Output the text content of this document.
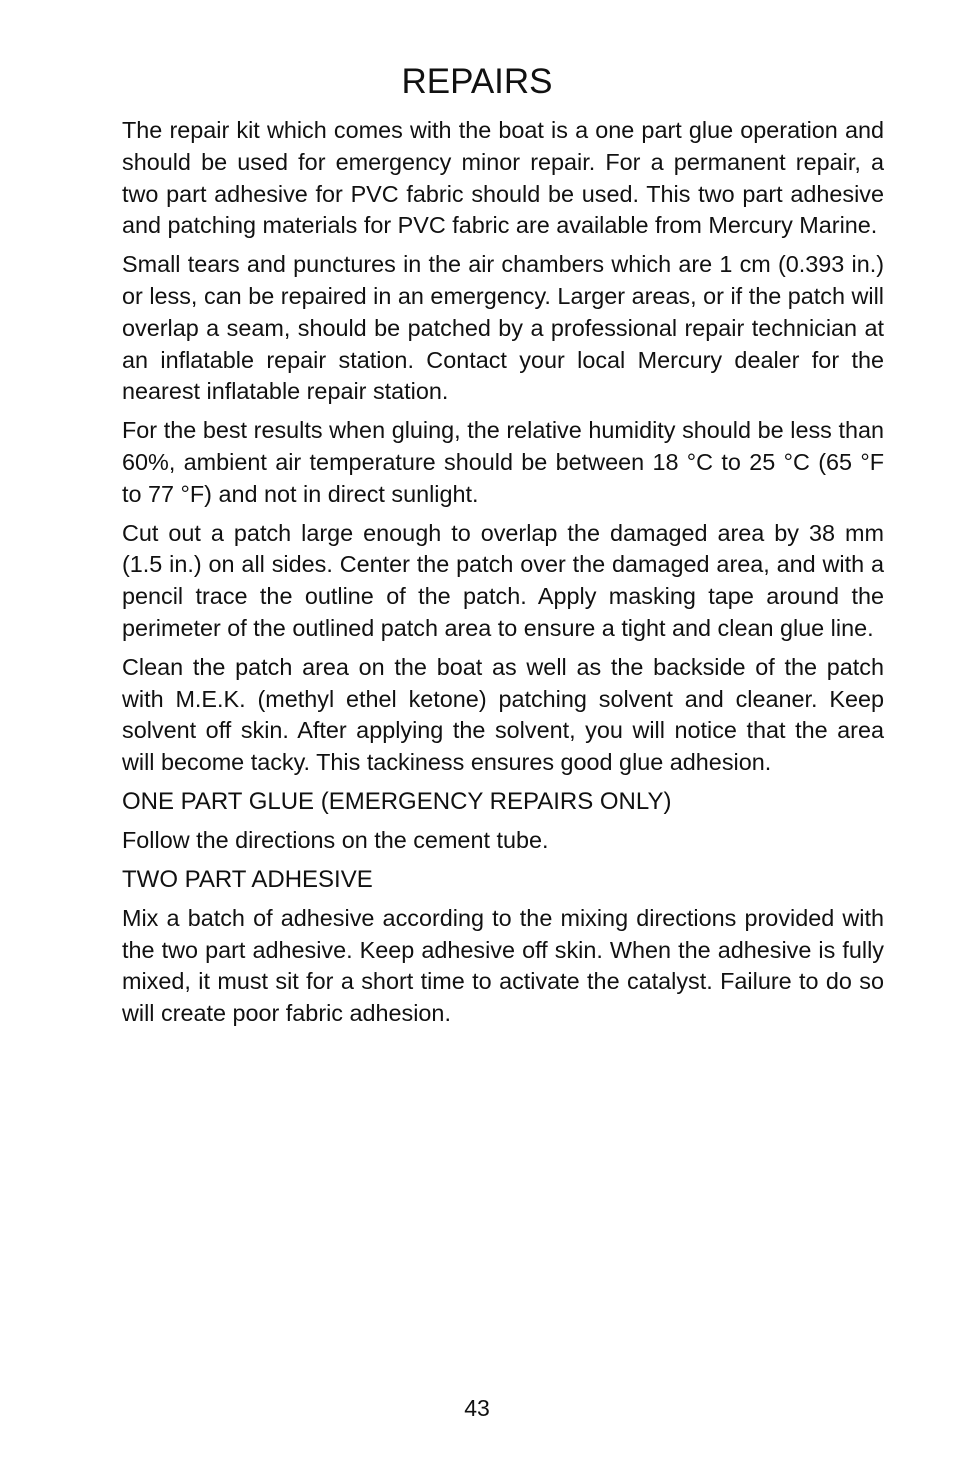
REPAIRS

The repair kit which comes with the boat is a one part glue operation and should be used for emergency minor repair. For a permanent repair, a two part adhesive for PVC fabric should be used. This two part adhesive and patching materials for PVC fabric are available from Mercury Marine.

Small tears and punctures in the air chambers which are 1 cm (0.393 in.) or less, can be repaired in an emergency. Larger areas, or if the patch will overlap a seam, should be patched by a professional repair technician at an inflatable repair station. Contact your local Mercury dealer for the nearest inflatable repair station.

For the best results when gluing, the relative humidity should be less than 60%, ambient air temperature should be between 18 °C to 25 °C (65 °F to 77 °F) and not in direct sunlight.

Cut out a patch large enough to overlap the damaged area by 38 mm (1.5 in.) on all sides. Center the patch over the damaged area, and with a pencil trace the outline of the patch. Apply masking tape around the perimeter of the outlined patch area to ensure a tight and clean glue line.

Clean the patch area on the boat as well as the backside of the patch with M.E.K. (methyl ethel ketone) patching solvent and cleaner. Keep solvent off skin. After applying the solvent, you will notice that the area will become tacky. This tackiness ensures good glue adhesion.

ONE PART GLUE (EMERGENCY REPAIRS ONLY)

Follow the directions on the cement tube.

TWO PART ADHESIVE

Mix a batch of adhesive according to the mixing directions provided with the two part adhesive. Keep adhesive off skin. When the adhesive is fully mixed, it must sit for a short time to activate the catalyst. Failure to do so will create poor fabric adhesion.

43
